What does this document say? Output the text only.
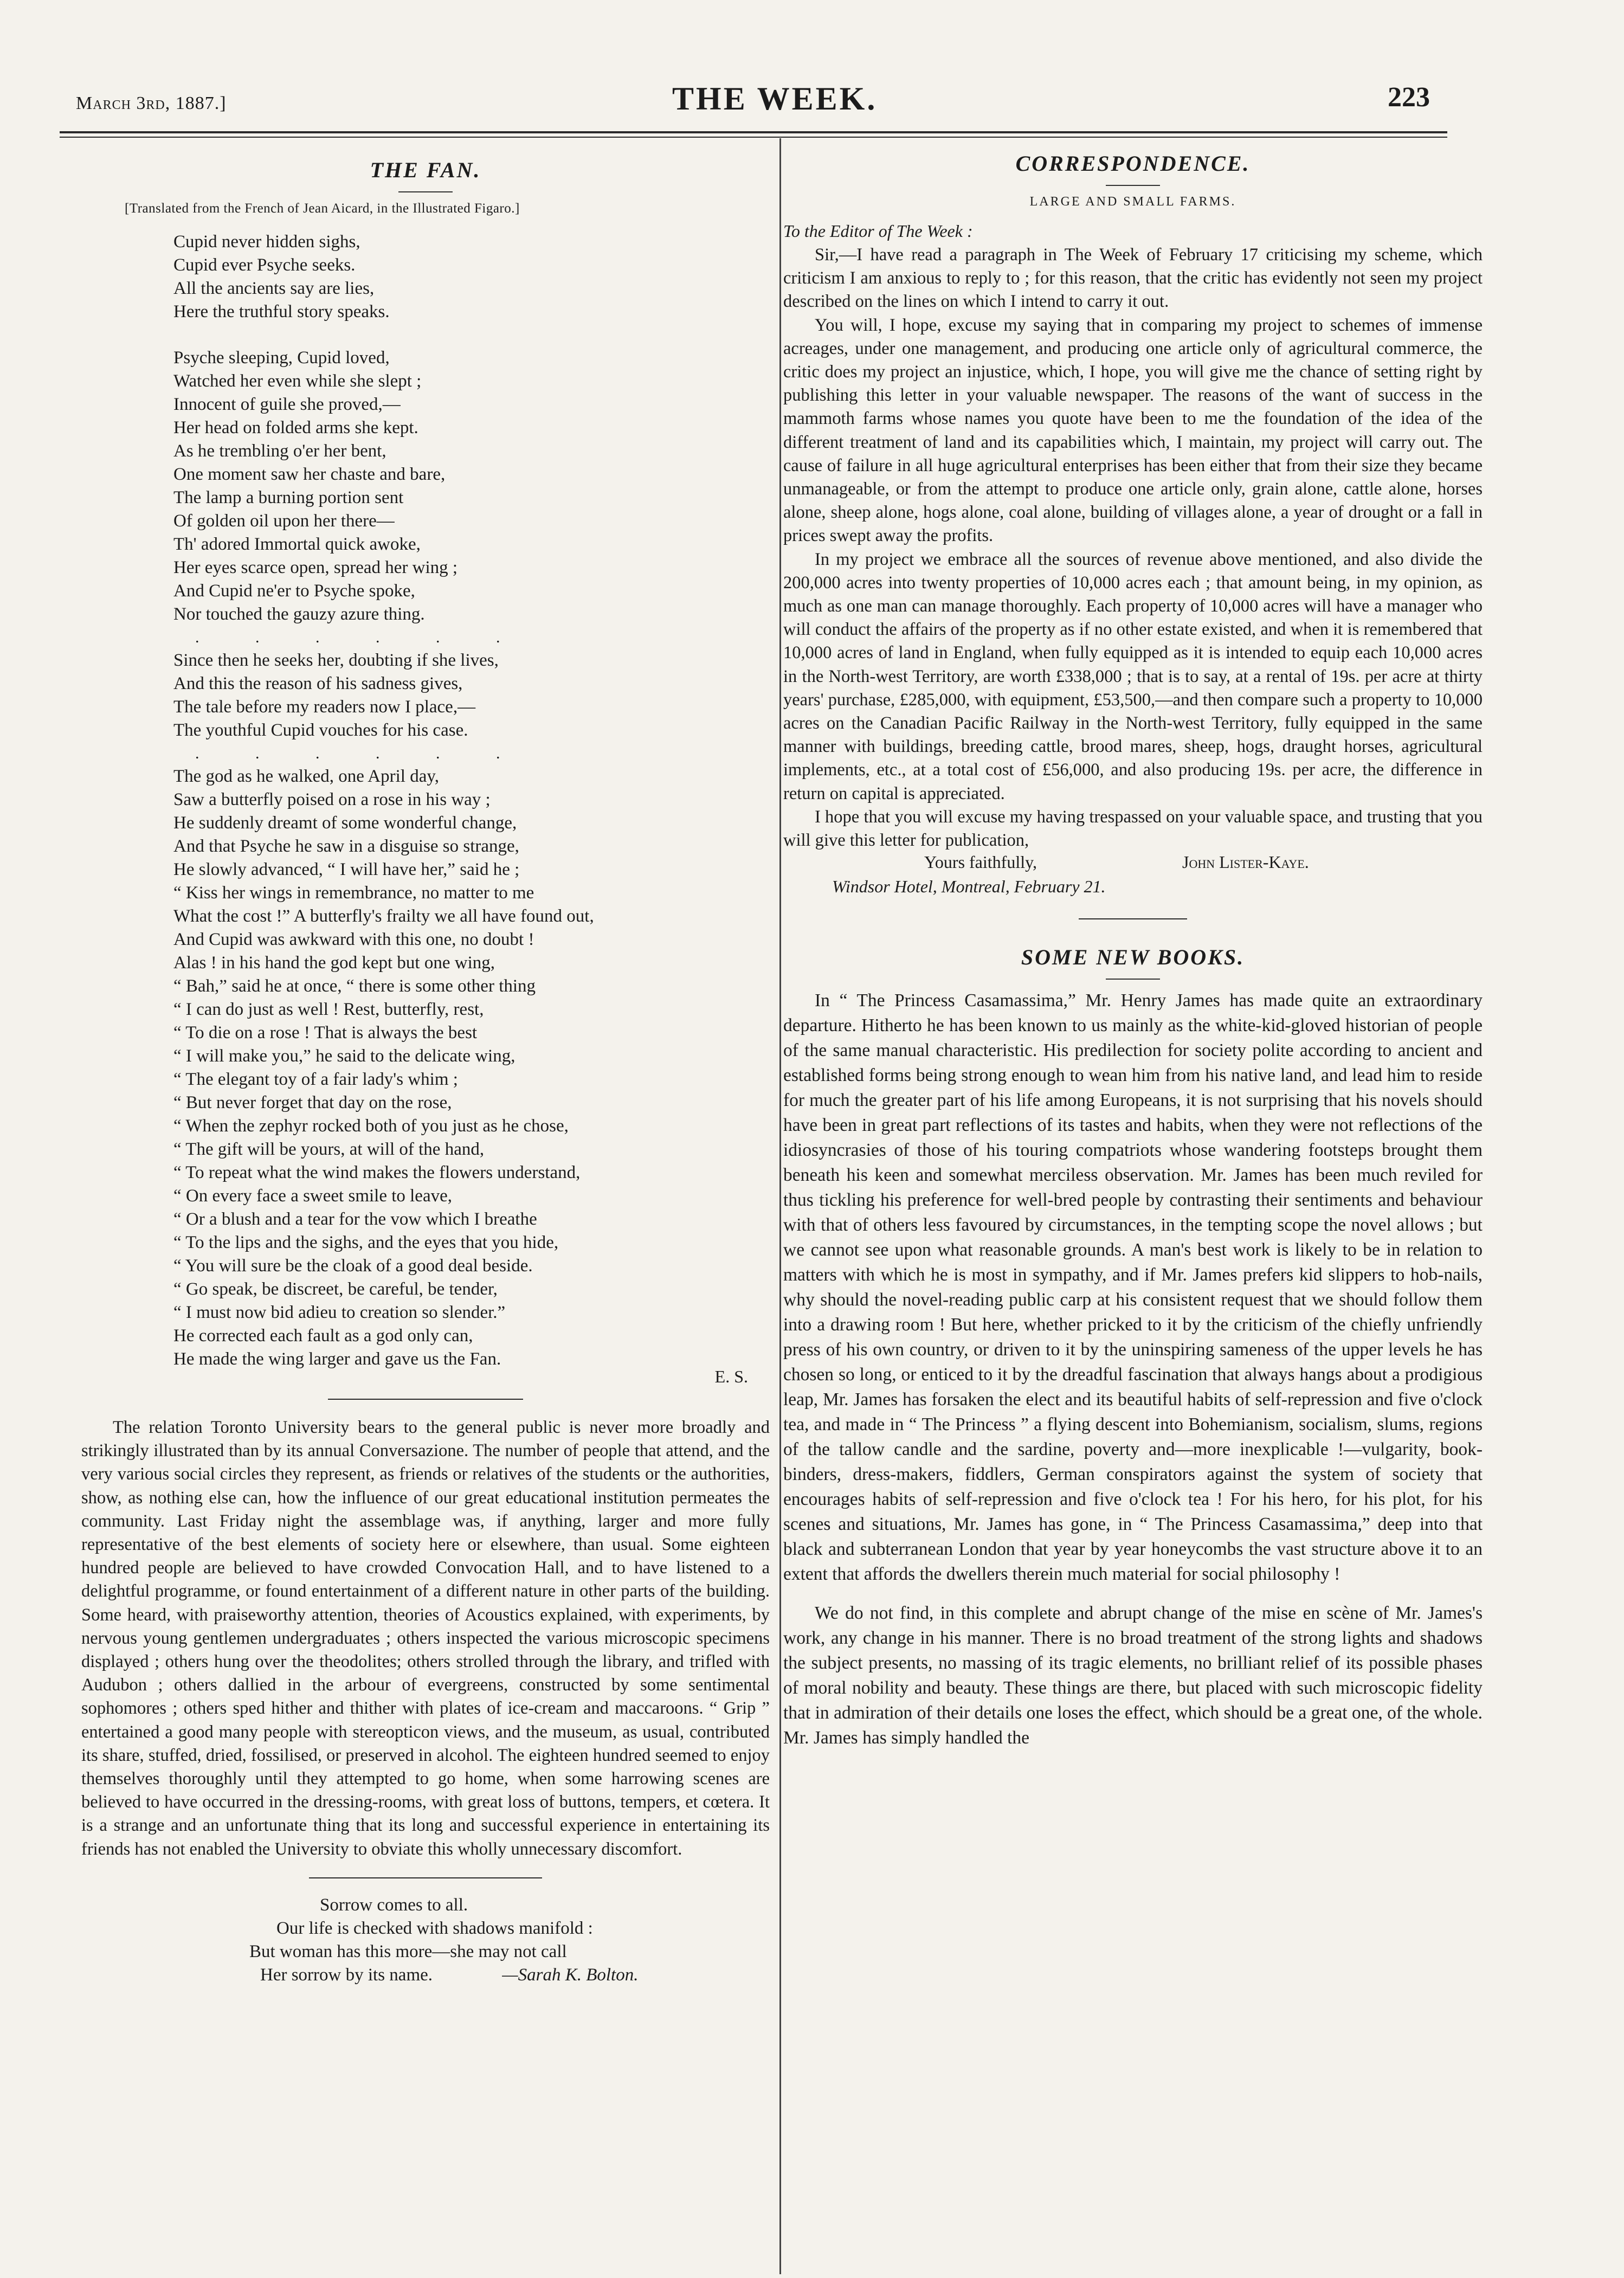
March 3rd, 1887.]	THE WEEK.	223
THE FAN.

[Translated from the French of Jean Aicard, in the Illustrated Figaro.]

Cupid never hidden sighs,

Cupid ever Psyche seeks.

All the ancients say are lies,

Here the truthful story speaks.

Psyche sleeping, Cupid loved,

Watched her even while she slept ;

Innocent of guile she proved,—

Her head on folded arms she kept.

As he trembling o'er her bent,

One moment saw her chaste and bare,

The lamp a burning portion sent

Of golden oil upon her there—

Th' adored Immortal quick awoke,

Her eyes scarce open, spread her wing ;

And Cupid ne'er to Psyche spoke,

Nor touched the gauzy azure thing.

. . . . . .

Since then he seeks her, doubting if she lives,

And this the reason of his sadness gives,

The tale before my readers now I place,—

The youthful Cupid vouches for his case.

. . . . . .

The god as he walked, one April day,

Saw a butterfly poised on a rose in his way ;

He suddenly dreamt of some wonderful change,

And that Psyche he saw in a disguise so strange,

He slowly advanced, “ I will have her,” said he ;

“ Kiss her wings in remembrance, no matter to me

What the cost !” A butterfly's frailty we all have found out,

And Cupid was awkward with this one, no doubt !

Alas ! in his hand the god kept but one wing,

“ Bah,” said he at once, “ there is some other thing

“ I can do just as well ! Rest, butterfly, rest,

“ To die on a rose ! That is always the best

“ I will make you,” he said to the delicate wing,

“ The elegant toy of a fair lady's whim ;

“ But never forget that day on the rose,

“ When the zephyr rocked both of you just as he chose,

“ The gift will be yours, at will of the hand,

“ To repeat what the wind makes the flowers understand,

“ On every face a sweet smile to leave,

“ Or a blush and a tear for the vow which I breathe

“ To the lips and the sighs, and the eyes that you hide,

“ You will sure be the cloak of a good deal beside.

“ Go speak, be discreet, be careful, be tender,

“ I must now bid adieu to creation so slender.”

He corrected each fault as a god only can,

He made the wing larger and gave us the Fan.

E. S.

The relation Toronto University bears to the general public is never more broadly and strikingly illustrated than by its annual Conversazione. The number of people that attend, and the very various social circles they represent, as friends or relatives of the students or the authorities, show, as nothing else can, how the influence of our great educational institution permeates the community. Last Friday night the assemblage was, if anything, larger and more fully representative of the best elements of society here or elsewhere, than usual. Some eighteen hundred people are believed to have crowded Convocation Hall, and to have listened to a delightful programme, or found entertainment of a different nature in other parts of the building. Some heard, with praiseworthy attention, theories of Acoustics explained, with experiments, by nervous young gentlemen undergraduates ; others inspected the various microscopic specimens displayed ; others hung over the theodolites; others strolled through the library, and trifled with Audubon ; others dallied in the arbour of evergreens, constructed by some sentimental sophomores ; others sped hither and thither with plates of ice-cream and maccaroons. “ Grip ” entertained a good many people with stereopticon views, and the museum, as usual, contributed its share, stuffed, dried, fossilised, or preserved in alcohol. The eighteen hundred seemed to enjoy themselves thoroughly until they attempted to go home, when some harrowing scenes are believed to have occurred in the dressing-rooms, with great loss of buttons, tempers, et cœtera. It is a strange and an unfortunate thing that its long and successful experience in entertaining its friends has not enabled the University to obviate this wholly unnecessary discomfort.

Sorrow comes to all.

Our life is checked with shadows manifold :

But woman has this more—she may not call

Her sorrow by its name.	—Sarah K. Bolton.

CORRESPONDENCE.

LARGE AND SMALL FARMS.

To the Editor of The Week :

Sir,—I have read a paragraph in The Week of February 17 criticising my scheme, which criticism I am anxious to reply to ; for this reason, that the critic has evidently not seen my project described on the lines on which I intend to carry it out.

You will, I hope, excuse my saying that in comparing my project to schemes of immense acreages, under one management, and producing one article only of agricultural commerce, the critic does my project an injustice, which, I hope, you will give me the chance of setting right by publishing this letter in your valuable newspaper. The reasons of the want of success in the mammoth farms whose names you quote have been to me the foundation of the idea of the different treatment of land and its capabilities which, I maintain, my project will carry out. The cause of failure in all huge agricultural enterprises has been either that from their size they became unmanageable, or from the attempt to produce one article only, grain alone, cattle alone, horses alone, sheep alone, hogs alone, coal alone, building of villages alone, a year of drought or a fall in prices swept away the profits.

In my project we embrace all the sources of revenue above mentioned, and also divide the 200,000 acres into twenty properties of 10,000 acres each ; that amount being, in my opinion, as much as one man can manage thoroughly. Each property of 10,000 acres will have a manager who will conduct the affairs of the property as if no other estate existed, and when it is remembered that 10,000 acres of land in England, when fully equipped as it is intended to equip each 10,000 acres in the North-west Territory, are worth £338,000 ; that is to say, at a rental of 19s. per acre at thirty years' purchase, £285,000, with equipment, £53,500,—and then compare such a property to 10,000 acres on the Canadian Pacific Railway in the North-west Territory, fully equipped in the same manner with buildings, breeding cattle, brood mares, sheep, hogs, draught horses, agricultural implements, etc., at a total cost of £56,000, and also producing 19s. per acre, the difference in return on capital is appreciated.

I hope that you will excuse my having trespassed on your valuable space, and trusting that you will give this letter for publication,

Yours faithfully,	John Lister-Kaye.

Windsor Hotel, Montreal, February 21.

SOME NEW BOOKS.

In “ The Princess Casamassima,” Mr. Henry James has made quite an extraordinary departure. Hitherto he has been known to us mainly as the white-kid-gloved historian of people of the same manual characteristic. His predilection for society polite according to ancient and established forms being strong enough to wean him from his native land, and lead him to reside for much the greater part of his life among Europeans, it is not surprising that his novels should have been in great part reflections of its tastes and habits, when they were not reflections of the idiosyncrasies of those of his touring compatriots whose wandering footsteps brought them beneath his keen and somewhat merciless observation. Mr. James has been much reviled for thus tickling his preference for well-bred people by contrasting their sentiments and behaviour with that of others less favoured by circumstances, in the tempting scope the novel allows ; but we cannot see upon what reasonable grounds. A man's best work is likely to be in relation to matters with which he is most in sympathy, and if Mr. James prefers kid slippers to hob-nails, why should the novel-reading public carp at his consistent request that we should follow them into a drawing room ! But here, whether pricked to it by the criticism of the chiefly unfriendly press of his own country, or driven to it by the uninspiring sameness of the upper levels he has chosen so long, or enticed to it by the dreadful fascination that always hangs about a prodigious leap, Mr. James has forsaken the elect and its beautiful habits of self-repression and five o'clock tea, and made in “ The Princess ” a flying descent into Bohemianism, socialism, slums, regions of the tallow candle and the sardine, poverty and—more inexplicable !—vulgarity, book-binders, dress-makers, fiddlers, German conspirators against the system of society that encourages habits of self-repression and five o'clock tea ! For his hero, for his plot, for his scenes and situations, Mr. James has gone, in “ The Princess Casamassima,” deep into that black and subterranean London that year by year honeycombs the vast structure above it to an extent that affords the dwellers therein much material for social philosophy !

We do not find, in this complete and abrupt change of the mise en scène of Mr. James's work, any change in his manner. There is no broad treatment of the strong lights and shadows the subject presents, no massing of its tragic elements, no brilliant relief of its possible phases of moral nobility and beauty. These things are there, but placed with such microscopic fidelity that in admiration of their details one loses the effect, which should be a great one, of the whole. Mr. James has simply handled the
